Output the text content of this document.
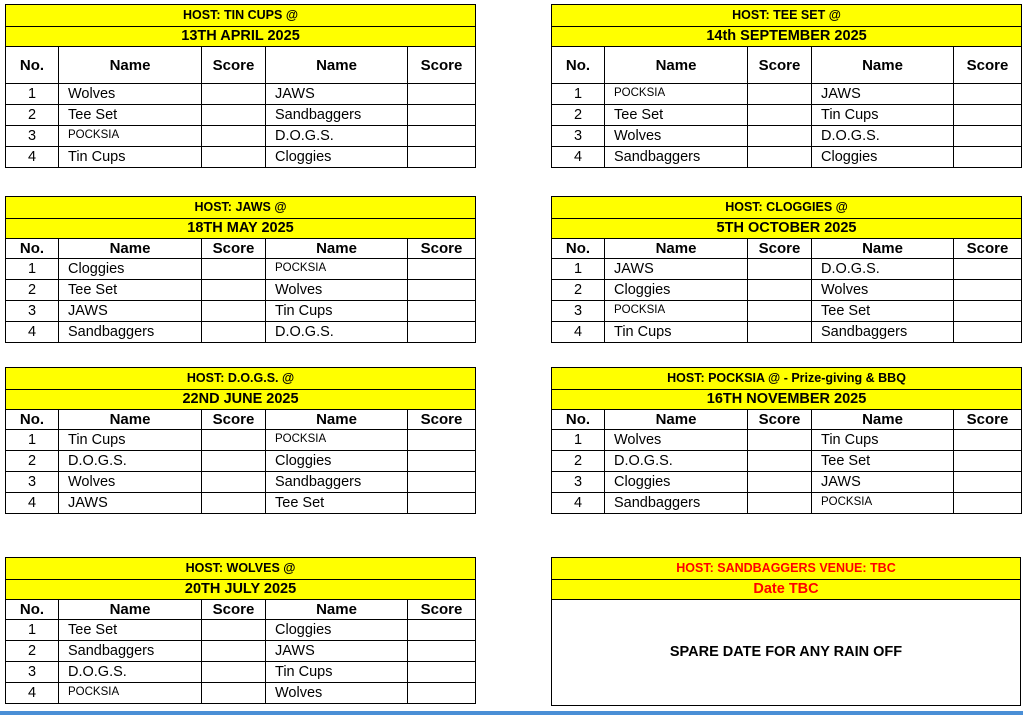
HOST: TIN CUPS @				
13TH APRIL 2025				
No.	Name	Score	Name	Score
1	Wolves		JAWS	
2	Tee Set		Sandbaggers	
3	POCKSIA		D.O.G.S.	
4	Tin Cups		Cloggies	
HOST: TEE SET @				
14th SEPTEMBER 2025				
No.	Name	Score	Name	Score
1	POCKSIA		JAWS	
2	Tee Set		Tin Cups	
3	Wolves		D.O.G.S.	
4	Sandbaggers		Cloggies	
HOST: JAWS @				
18TH MAY 2025				
No.	Name	Score	Name	Score
1	Cloggies		POCKSIA	
2	Tee Set		Wolves	
3	JAWS		Tin Cups	
4	Sandbaggers		D.O.G.S.	
HOST: CLOGGIES @				
5TH OCTOBER 2025				
No.	Name	Score	Name	Score
1	JAWS		D.O.G.S.	
2	Cloggies		Wolves	
3	POCKSIA		Tee Set	
4	Tin Cups		Sandbaggers	
HOST: D.O.G.S. @				
22ND JUNE 2025				
No.	Name	Score	Name	Score
1	Tin Cups		POCKSIA	
2	D.O.G.S.		Cloggies	
3	Wolves		Sandbaggers	
4	JAWS		Tee Set	
HOST: POCKSIA @ - Prize-giving & BBQ				
16TH NOVEMBER 2025				
No.	Name	Score	Name	Score
1	Wolves		Tin Cups	
2	D.O.G.S.		Tee Set	
3	Cloggies		JAWS	
4	Sandbaggers		POCKSIA	
HOST: WOLVES @				
20TH JULY 2025				
No.	Name	Score	Name	Score
1	Tee Set		Cloggies	
2	Sandbaggers		JAWS	
3	D.O.G.S.		Tin Cups	
4	POCKSIA		Wolves	
HOST: SANDBAGGERS VENUE: TBC
Date TBC
SPARE DATE FOR ANY RAIN OFF
